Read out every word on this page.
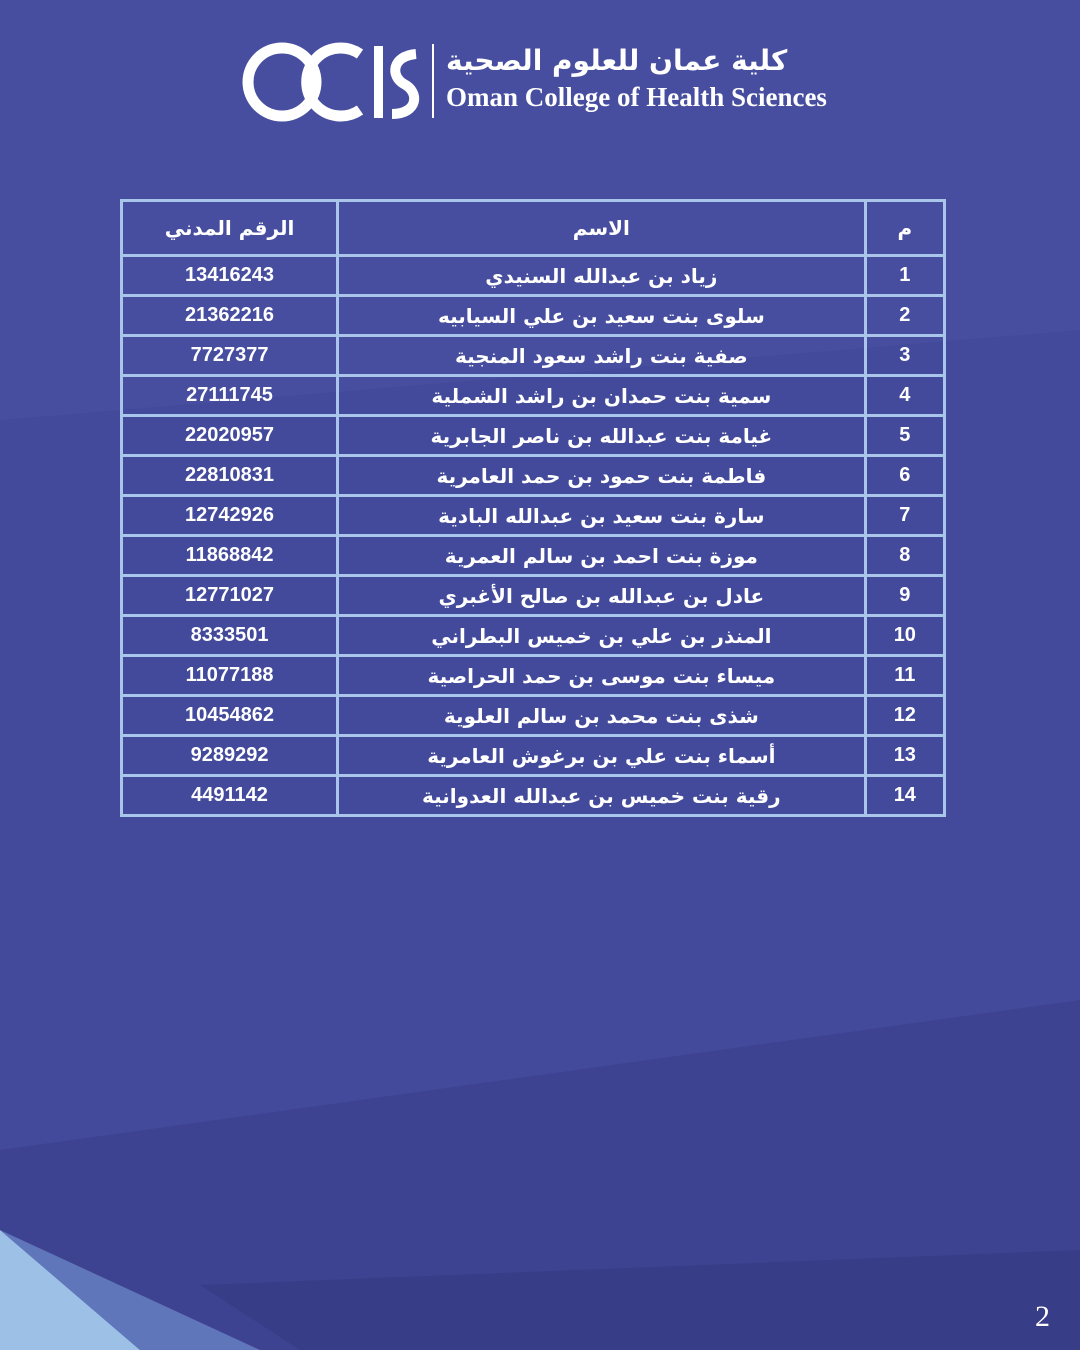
كلية عمان للعلوم الصحية
Oman College of Health Sciences
م	الاسم	الرقم المدني
1	زياد بن عبدالله السنيدي	13416243
2	سلوى بنت سعيد بن علي السيابيه	21362216
3	صفية بنت راشد سعود المنجية	7727377
4	سمية بنت حمدان بن راشد الشملية	27111745
5	غيامة بنت عبدالله بن ناصر الجابرية	22020957
6	فاطمة بنت حمود بن حمد العامرية	22810831
7	سارة بنت سعيد بن عبدالله البادية	12742926
8	موزة بنت احمد بن سالم العمرية	11868842
9	عادل بن عبدالله بن صالح الأغبري	12771027
10	المنذر بن علي بن خميس البطراني	8333501
11	ميساء بنت موسى بن حمد الحراصية	11077188
12	شذى بنت محمد بن سالم العلوية	10454862
13	أسماء بنت علي بن برغوش العامرية	9289292
14	رقية بنت خميس بن عبدالله العدوانية	4491142
2
